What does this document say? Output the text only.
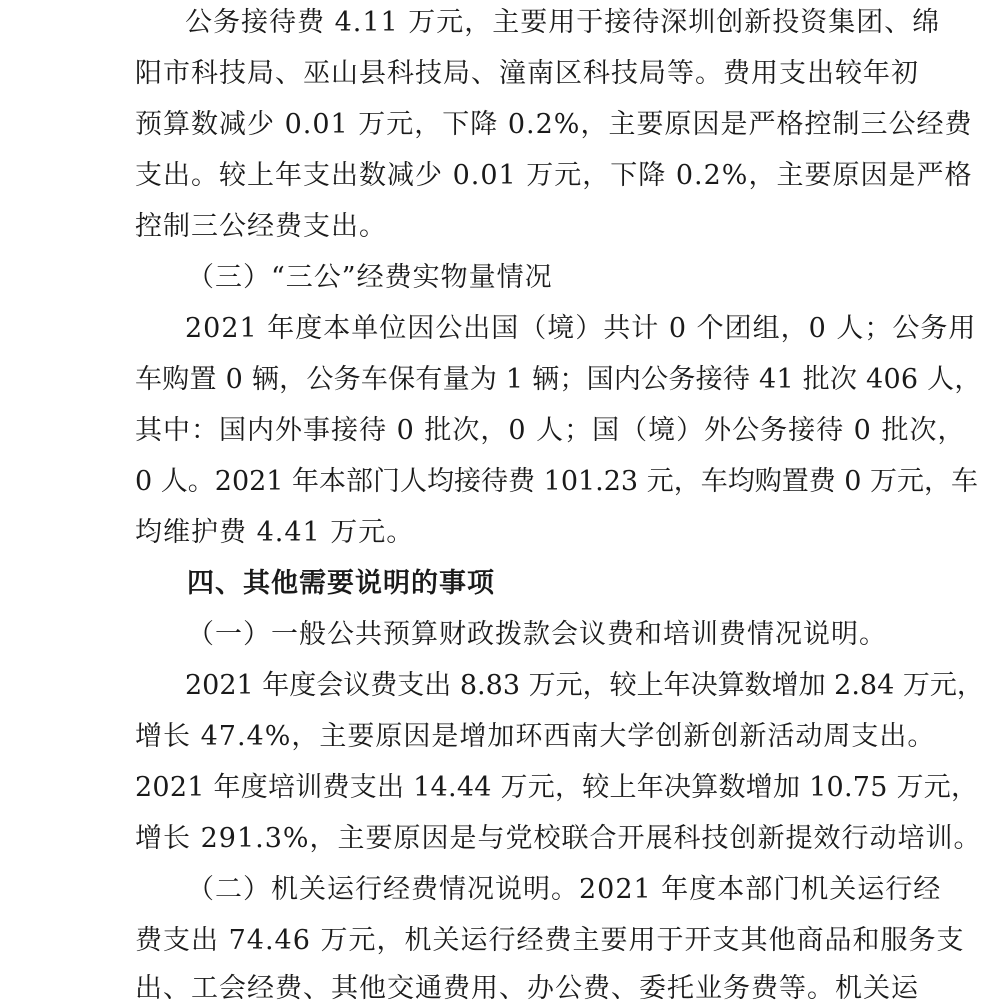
公务接待费 4.11 万元，主要用于接待深圳创新投资集团、绵
阳市科技局、巫山县科技局、潼南区科技局等。费用支出较年初
预算数减少 0.01 万元，下降 0.2%，主要原因是严格控制三公经费
支出。较上年支出数减少 0.01 万元，下降 0.2%，主要原因是严格
控制三公经费支出。
（三）“三公”经费实物量情况
2021 年度本单位因公出国（境）共计 0 个团组，0 人；公务用
车购置 0 辆，公务车保有量为 1 辆；国内公务接待 41 批次 406 人，
其中：国内外事接待 0 批次，0 人；国（境）外公务接待 0 批次，
0 人。2021 年本部门人均接待费 101.23 元，车均购置费 0 万元，车
均维护费 4.41 万元。
四、其他需要说明的事项
（一）一般公共预算财政拨款会议费和培训费情况说明。
2021 年度会议费支出 8.83 万元，较上年决算数增加 2.84 万元，
增长 47.4%，主要原因是增加环西南大学创新创新活动周支出。
2021 年度培训费支出 14.44 万元，较上年决算数增加 10.75 万元，
增长 291.3%，主要原因是与党校联合开展科技创新提效行动培训。
（二）机关运行经费情况说明。2021 年度本部门机关运行经
费支出 74.46 万元，机关运行经费主要用于开支其他商品和服务支
出、工会经费、其他交通费用、办公费、委托业务费等。机关运
